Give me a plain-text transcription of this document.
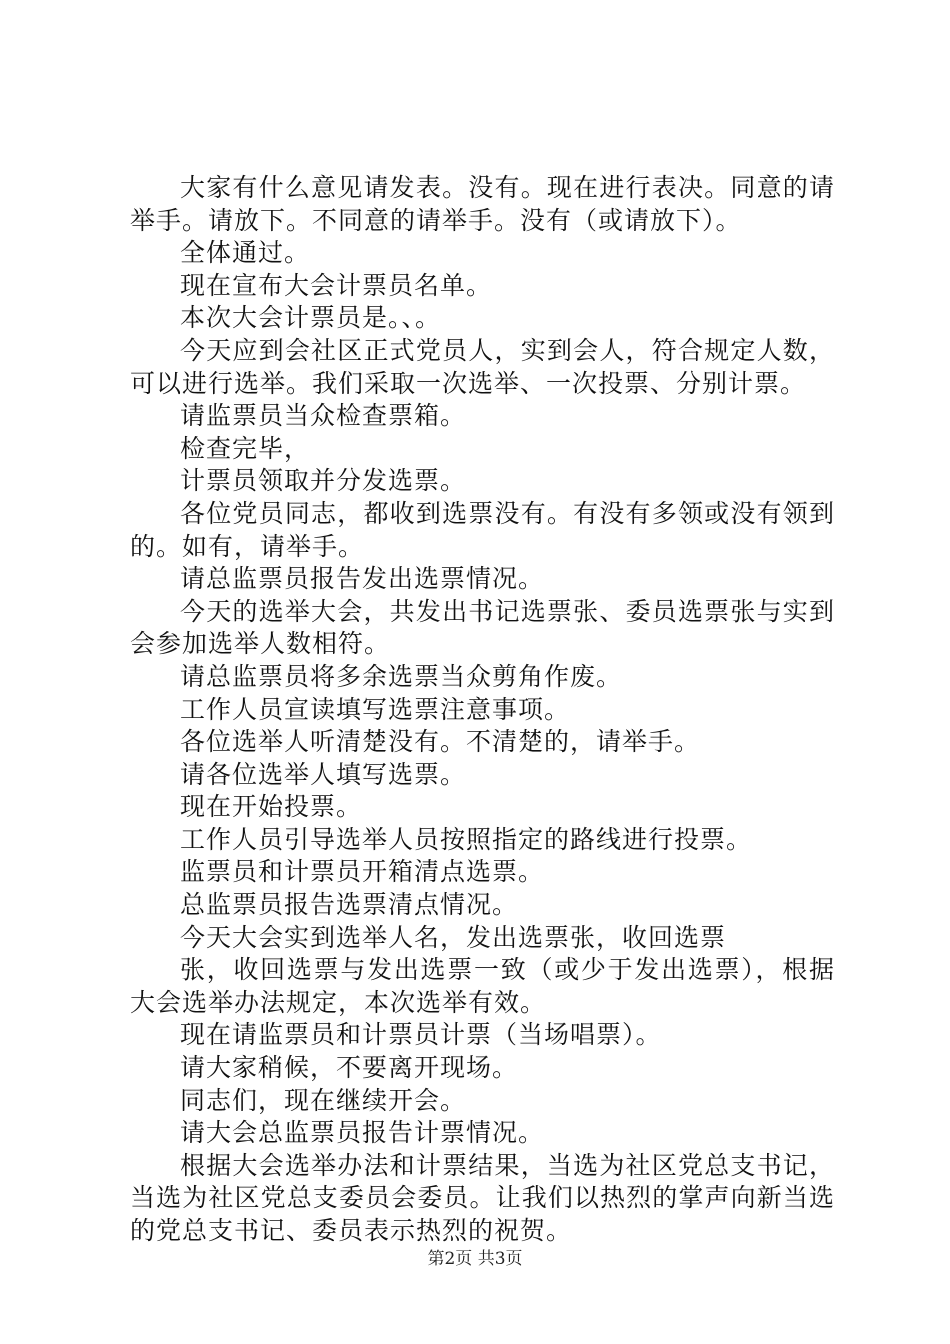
大家有什么意见请发表。没有。现在进行表决。同意的请举手。请放下。不同意的请举手。没有（或请放下）。

全体通过。

现在宣布大会计票员名单。

本次大会计票员是。、。

今天应到会社区正式党员人，实到会人，符合规定人数，可以进行选举。我们采取一次选举、一次投票、分别计票。

请监票员当众检查票箱。

检查完毕，

计票员领取并分发选票。

各位党员同志，都收到选票没有。有没有多领或没有领到的。如有，请举手。

请总监票员报告发出选票情况。

今天的选举大会，共发出书记选票张、委员选票张与实到会参加选举人数相符。

请总监票员将多余选票当众剪角作废。

工作人员宣读填写选票注意事项。

各位选举人听清楚没有。不清楚的，请举手。

请各位选举人填写选票。

现在开始投票。

工作人员引导选举人员按照指定的路线进行投票。

监票员和计票员开箱清点选票。

总监票员报告选票清点情况。

今天大会实到选举人名，发出选票张，收回选票

张，收回选票与发出选票一致（或少于发出选票），根据大会选举办法规定，本次选举有效。

现在请监票员和计票员计票（当场唱票）。

请大家稍候，不要离开现场。

同志们，现在继续开会。

请大会总监票员报告计票情况。

根据大会选举办法和计票结果，当选为社区党总支书记，当选为社区党总支委员会委员。让我们以热烈的掌声向新当选的党总支书记、委员表示热烈的祝贺。

第2页 共3页
